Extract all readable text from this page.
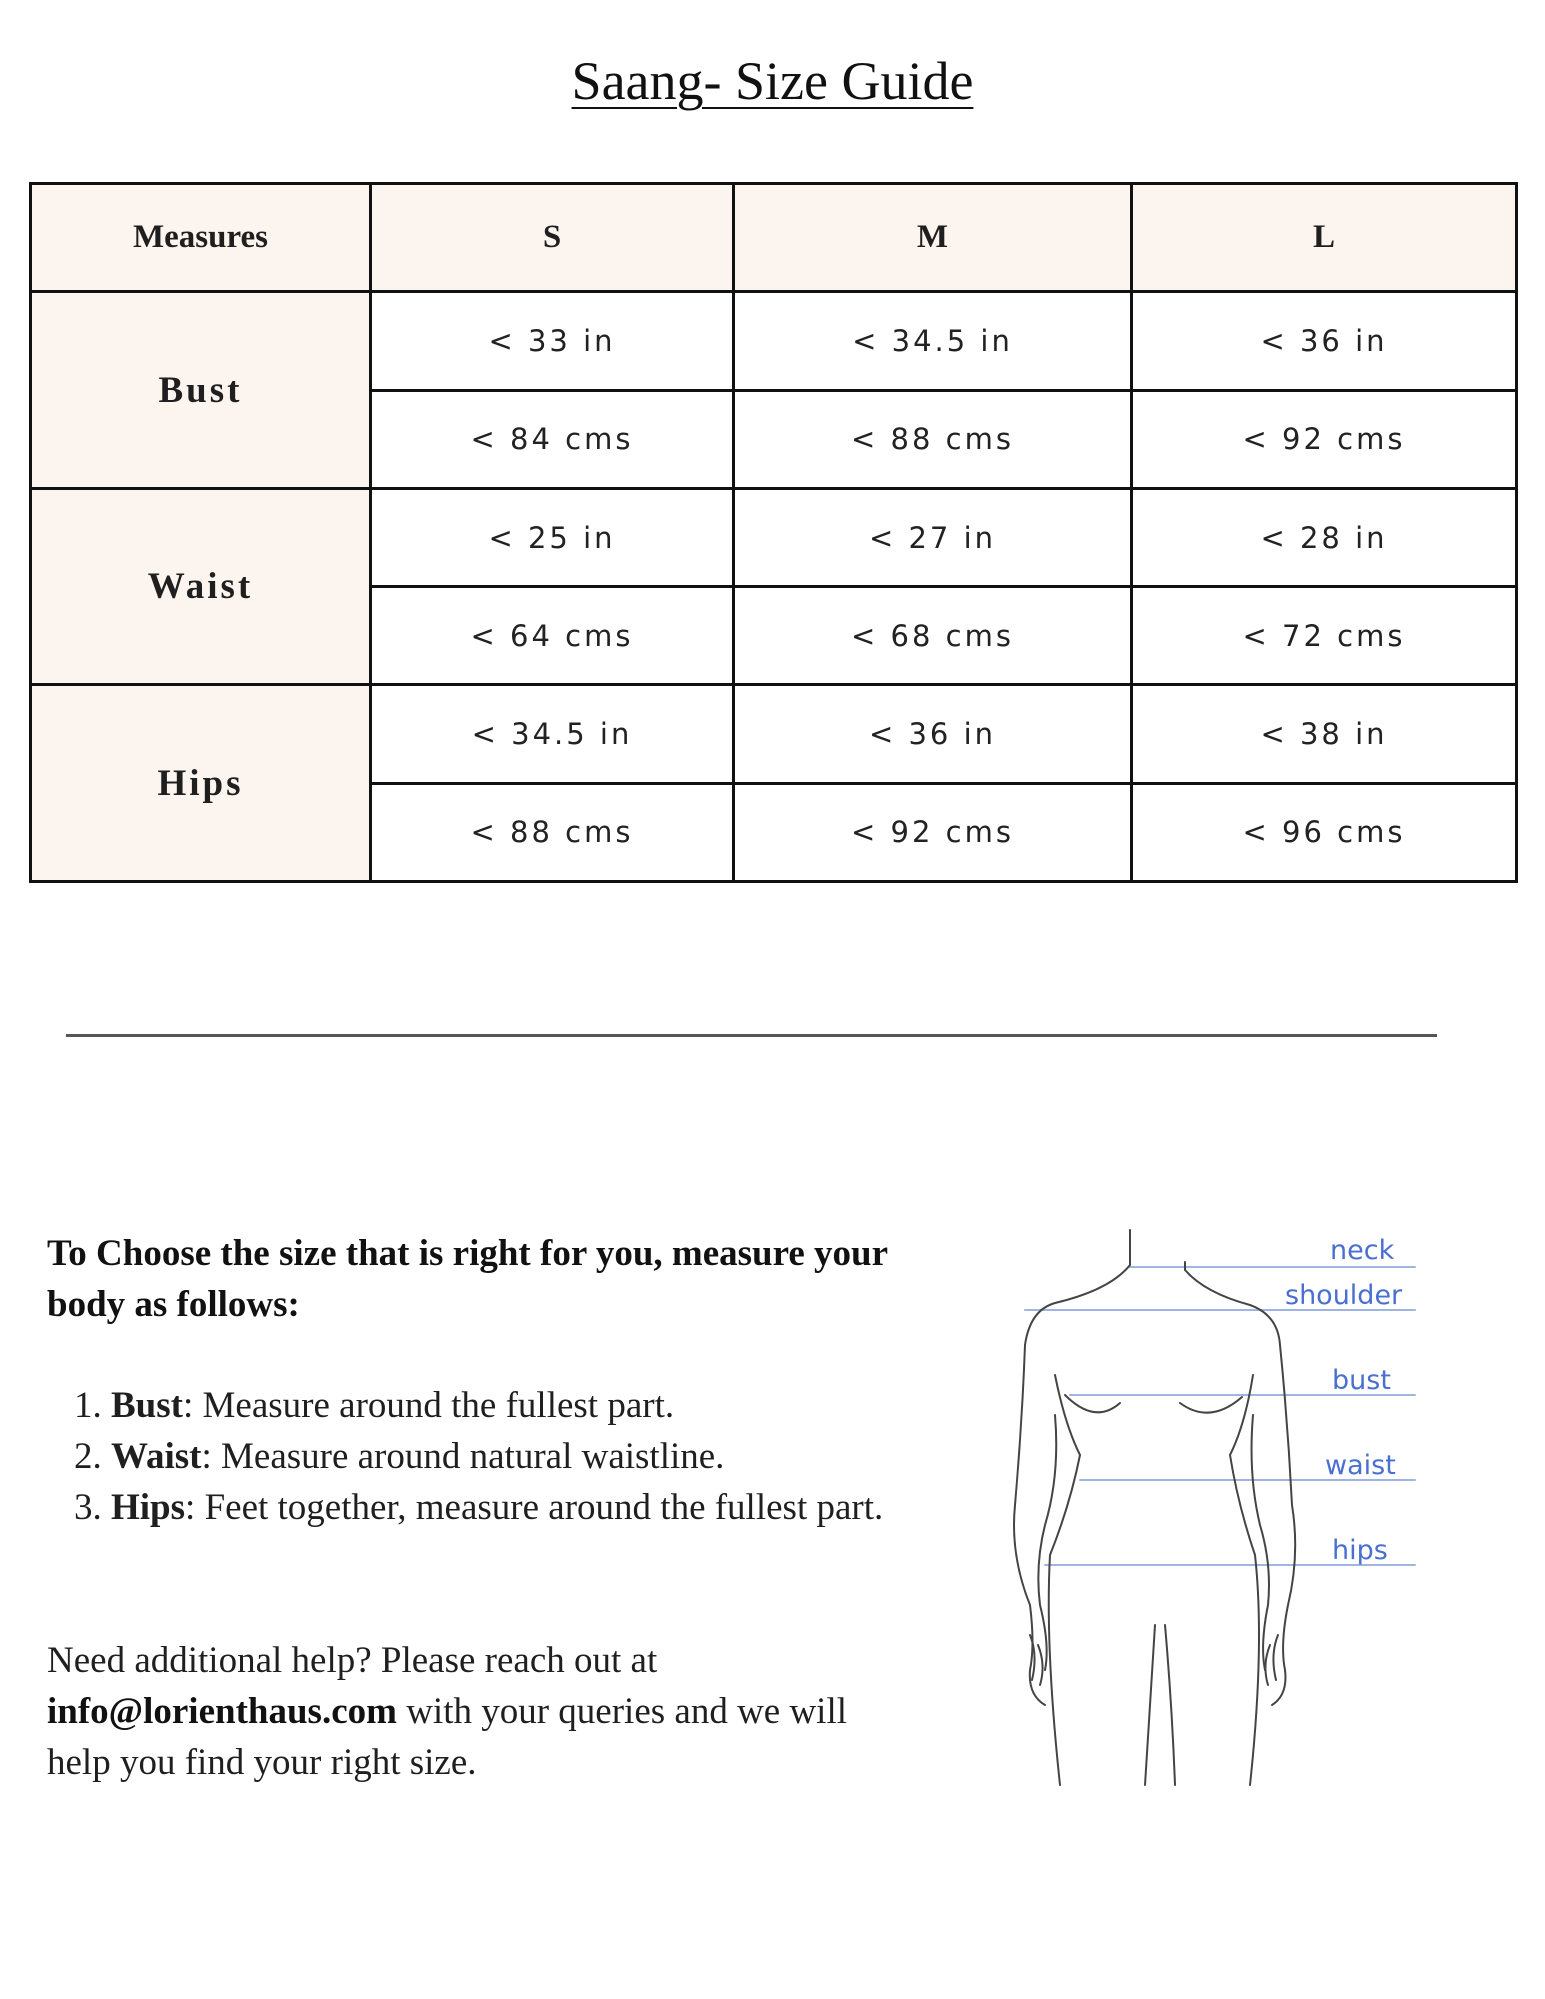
Saang- Size Guide
Measures	S	M	L
Bust	< 33 in	< 34.5 in	< 36 in
	< 84 cms	< 88 cms	< 92 cms
Waist	< 25 in	< 27 in	< 28 in
	< 64 cms	< 68 cms	< 72 cms
Hips	< 34.5 in	< 36 in	< 38 in
	< 88 cms	< 92 cms	< 96 cms
To Choose the size that is right for you, measure your body as follows:
1. Bust: Measure around the fullest part.
2. Waist: Measure around natural waistline.
3. Hips: Feet together, measure around the fullest part.
Need additional help? Please reach out at info@lorienthaus.com with your queries and we will help you find your right size.
neck
shoulder
bust
waist
hips
